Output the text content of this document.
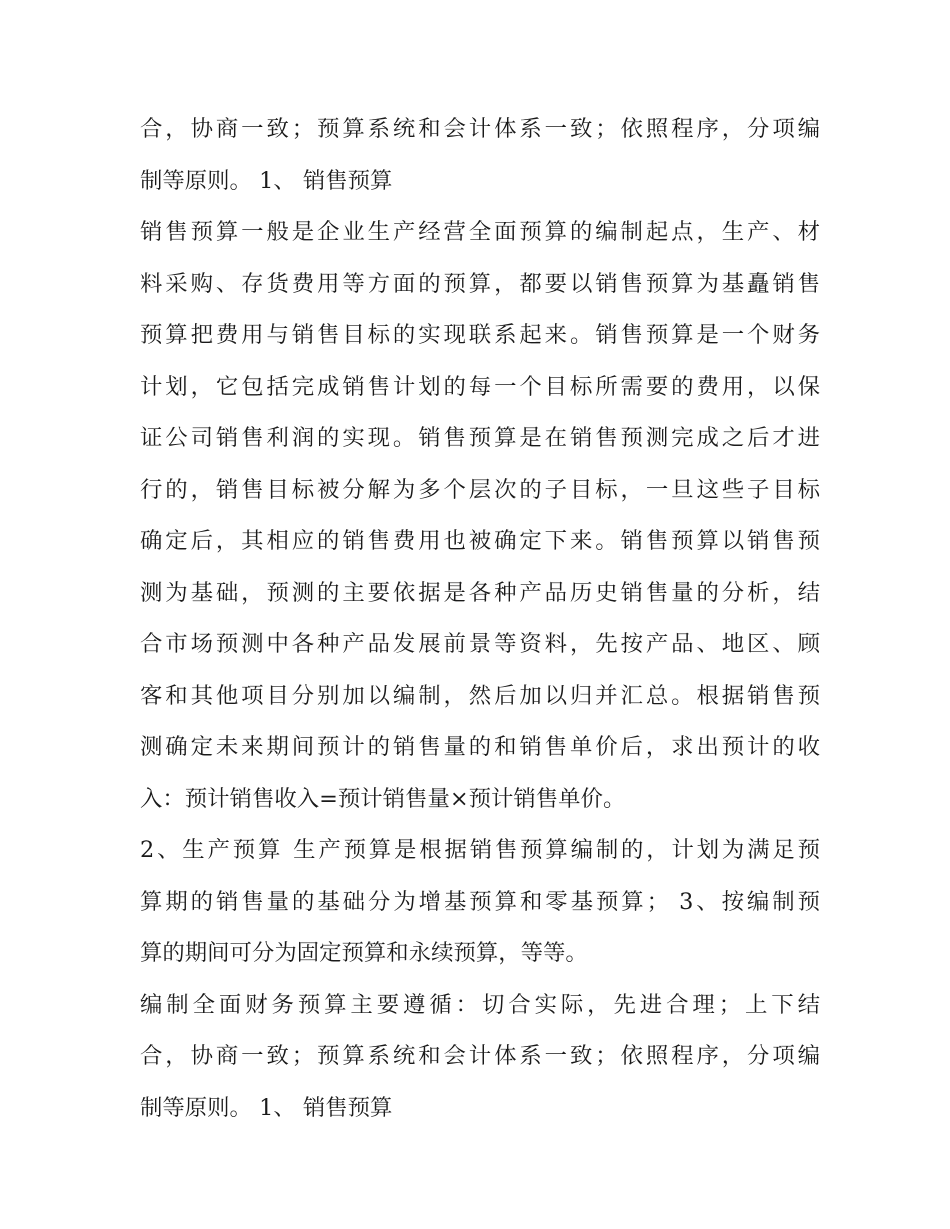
合，协商一致；预算系统和会计体系一致；依照程序，分项编
制等原则。 1、 销售预算
销售预算一般是企业生产经营全面预算的编制起点，生产、材
料采购、存货费用等方面的预算，都要以销售预算为基矗销售
预算把费用与销售目标的实现联系起来。销售预算是一个财务
计划，它包括完成销售计划的每一个目标所需要的费用，以保
证公司销售利润的实现。销售预算是在销售预测完成之后才进
行的，销售目标被分解为多个层次的子目标，一旦这些子目标
确定后，其相应的销售费用也被确定下来。销售预算以销售预
测为基础，预测的主要依据是各种产品历史销售量的分析，结
合市场预测中各种产品发展前景等资料，先按产品、地区、顾
客和其他项目分别加以编制，然后加以归并汇总。根据销售预
测确定未来期间预计的销售量的和销售单价后，求出预计的收
入：预计销售收入=预计销售量×预计销售单价。
2、生产预算 生产预算是根据销售预算编制的，计划为满足预
算期的销售量的基础分为增基预算和零基预算； 3、按编制预
算的期间可分为固定预算和永续预算，等等。
编制全面财务预算主要遵循：切合实际，先进合理；上下结
合，协商一致；预算系统和会计体系一致；依照程序，分项编
制等原则。 1、 销售预算
